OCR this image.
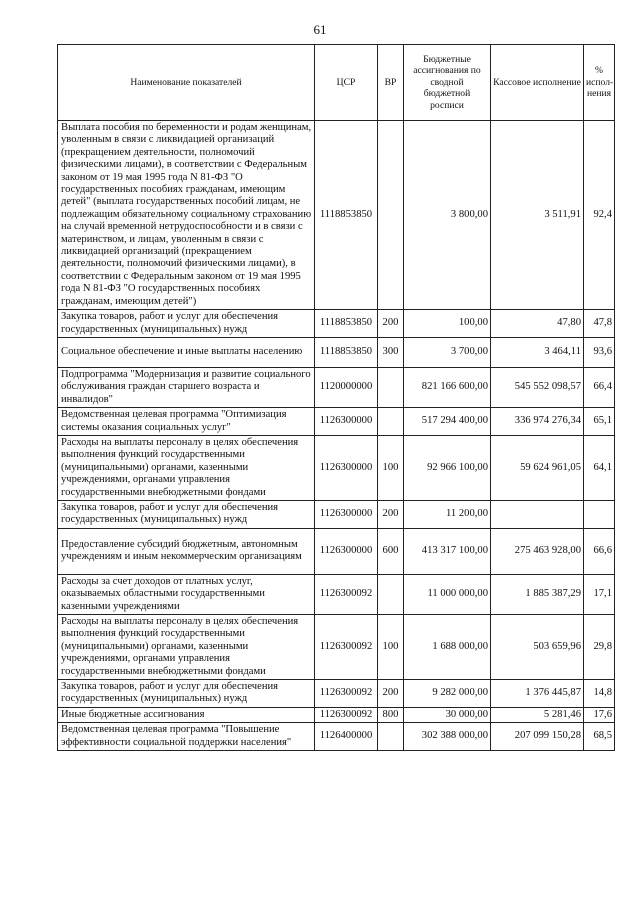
61
Наименование показателей	ЦСР	ВР	Бюджетные ассигнования по сводной бюджетной росписи	Кассовое исполнение	% испол-нения
Выплата пособия по беременности и родам женщинам, уволенным в связи с ликвидацией организаций (прекращением деятельности, полномочий физическими лицами), в соответствии с Федеральным законом от 19 мая 1995 года N 81-ФЗ "О государственных пособиях гражданам, имеющим детей" (выплата государственных пособий лицам, не подлежащим обязательному социальному страхованию на случай временной нетрудоспособности и в связи с материнством, и лицам, уволенным в связи с ликвидацией организаций (прекращением деятельности, полномочий физическими лицами), в соответствии с Федеральным законом от 19 мая 1995 года N 81-ФЗ "О государственных пособиях гражданам, имеющим детей")	1118853850		3 800,00	3 511,91	92,4
Закупка товаров, работ и услуг для обеспечения государственных (муниципальных) нужд	1118853850	200	100,00	47,80	47,8
Социальное обеспечение и иные выплаты населению	1118853850	300	3 700,00	3 464,11	93,6
Подпрограмма "Модернизация и развитие социального обслуживания граждан старшего возраста и инвалидов"	1120000000		821 166 600,00	545 552 098,57	66,4
Ведомственная целевая программа "Оптимизация системы оказания социальных услуг"	1126300000		517 294 400,00	336 974 276,34	65,1
Расходы на выплаты персоналу в целях обеспечения выполнения функций государственными (муниципальными) органами, казенными учреждениями, органами управления государственными внебюджетными фондами	1126300000	100	92 966 100,00	59 624 961,05	64,1
Закупка товаров, работ и услуг для обеспечения государственных (муниципальных) нужд	1126300000	200	11 200,00		
Предоставление субсидий бюджетным, автономным учреждениям и иным некоммерческим организациям	1126300000	600	413 317 100,00	275 463 928,00	66,6
Расходы за счет доходов от платных услуг, оказываемых областными государственными казенными учреждениями	1126300092		11 000 000,00	1 885 387,29	17,1
Расходы на выплаты персоналу в целях обеспечения выполнения функций государственными (муниципальными) органами, казенными учреждениями, органами управления государственными внебюджетными фондами	1126300092	100	1 688 000,00	503 659,96	29,8
Закупка товаров, работ и услуг для обеспечения государственных (муниципальных) нужд	1126300092	200	9 282 000,00	1 376 445,87	14,8
Иные бюджетные ассигнования	1126300092	800	30 000,00	5 281,46	17,6
Ведомственная целевая программа "Повышение эффективности социальной поддержки населения"	1126400000		302 388 000,00	207 099 150,28	68,5
